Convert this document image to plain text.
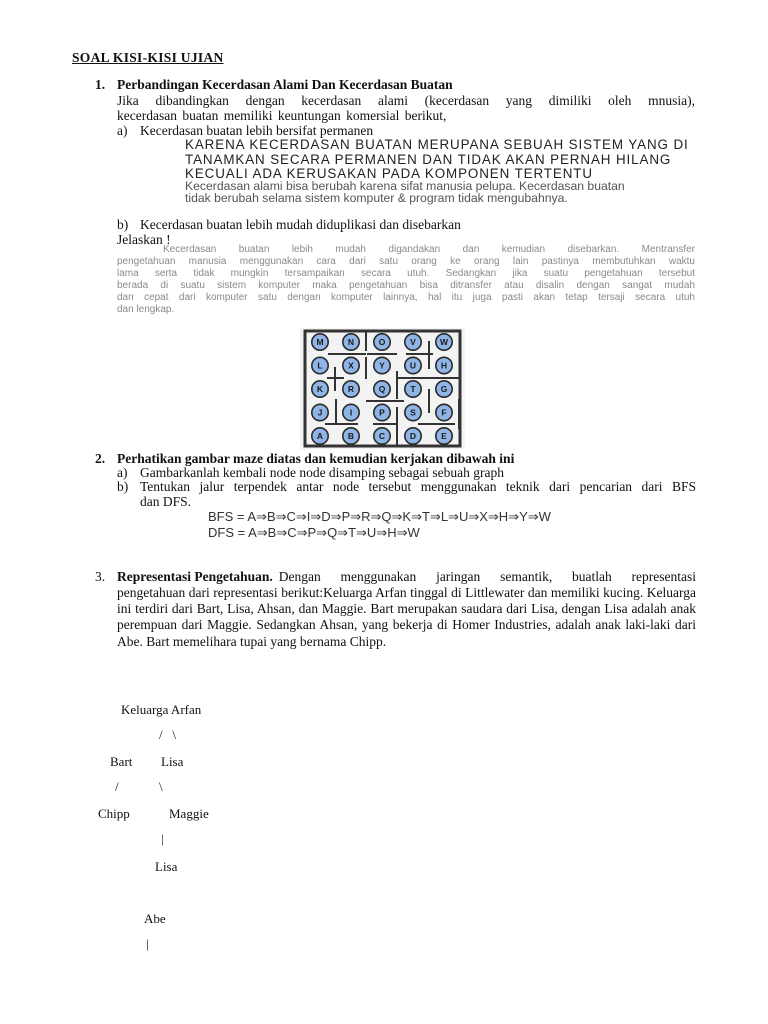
SOAL KISI-KISI UJIAN
1. Perbandingan Kecerdasan Alami Dan Kecerdasan Buatan
Jika dibandingkan dengan kecerdasan alami (kecerdasan yang dimiliki oleh mnusia),
kecerdasan buatan memiliki keuntungan komersial berikut,
a) Kecerdasan buatan lebih bersifat permanen
KARENA KECERDASAN BUATAN MERUPANA SEBUAH SISTEM YANG DI
TANAMKAN SECARA PERMANEN DAN TIDAK AKAN PERNAH HILANG
KECUALI ADA KERUSAKAN PADA KOMPONEN TERTENTU
Kecerdasan alami bisa berubah karena sifat manusia pelupa. Kecerdasan buatan
tidak berubah selama sistem komputer & program tidak mengubahnya.
b) Kecerdasan buatan lebih mudah diduplikasi dan disebarkan
Jelaskan !
Kecerdasan buatan lebih mudah digandakan dan kemudian disebarkan. Mentransfer
pengetahuan manusia menggunakan cara dari satu orang ke orang lain pastinya membutuhkan waktu
lama serta tidak mungkin tersampaikan secara utuh. Sedangkan jika suatu pengetahuan tersebut
berada di suatu sistem komputer maka pengetahuan bisa ditransfer atau disalin dengan sangat mudah
dan cepat dari komputer satu dengan komputer lainnya, hal itu juga pasti akan tetap tersaji secara utuh
dan lengkap.
M	N	O	V	W
L	X	Y	U	H
K	R	Q	T	G
J	I	P	S	F
A	B	C	D	E
2. Perhatikan gambar maze diatas dan kemudian kerjakan dibawah ini
a) Gambarkanlah kembali node node disamping sebagai sebuah graph
b) Tentukan jalur terpendek antar node tersebut menggunakan teknik dari pencarian dari BFS
dan DFS.
BFS = A⇒B⇒C⇒I⇒D⇒P⇒R⇒Q⇒K⇒T⇒L⇒U⇒X⇒H⇒Y⇒W
DFS = A⇒B⇒C⇒P⇒Q⇒T⇒U⇒H⇒W
3. Representasi Pengetahuan. Dengan menggunakan jaringan semantik, buatlah representasi
pengetahuan dari representasi berikut:Keluarga Arfan tinggal di Littlewater dan memiliki kucing. Keluarga ini terdiri dari Bart, Lisa, Ahsan, dan Maggie. Bart merupakan saudara dari Lisa, dengan Lisa adalah anak perempuan dari Maggie. Sedangkan Ahsan, yang bekerja di Homer Industries, adalah anak laki-laki dari Abe. Bart memelihara tupai yang bernama Chipp.
Keluarga Arfan
/   \
Bart Lisa
/	\
Chipp	Maggie
|
Lisa
Abe
|
